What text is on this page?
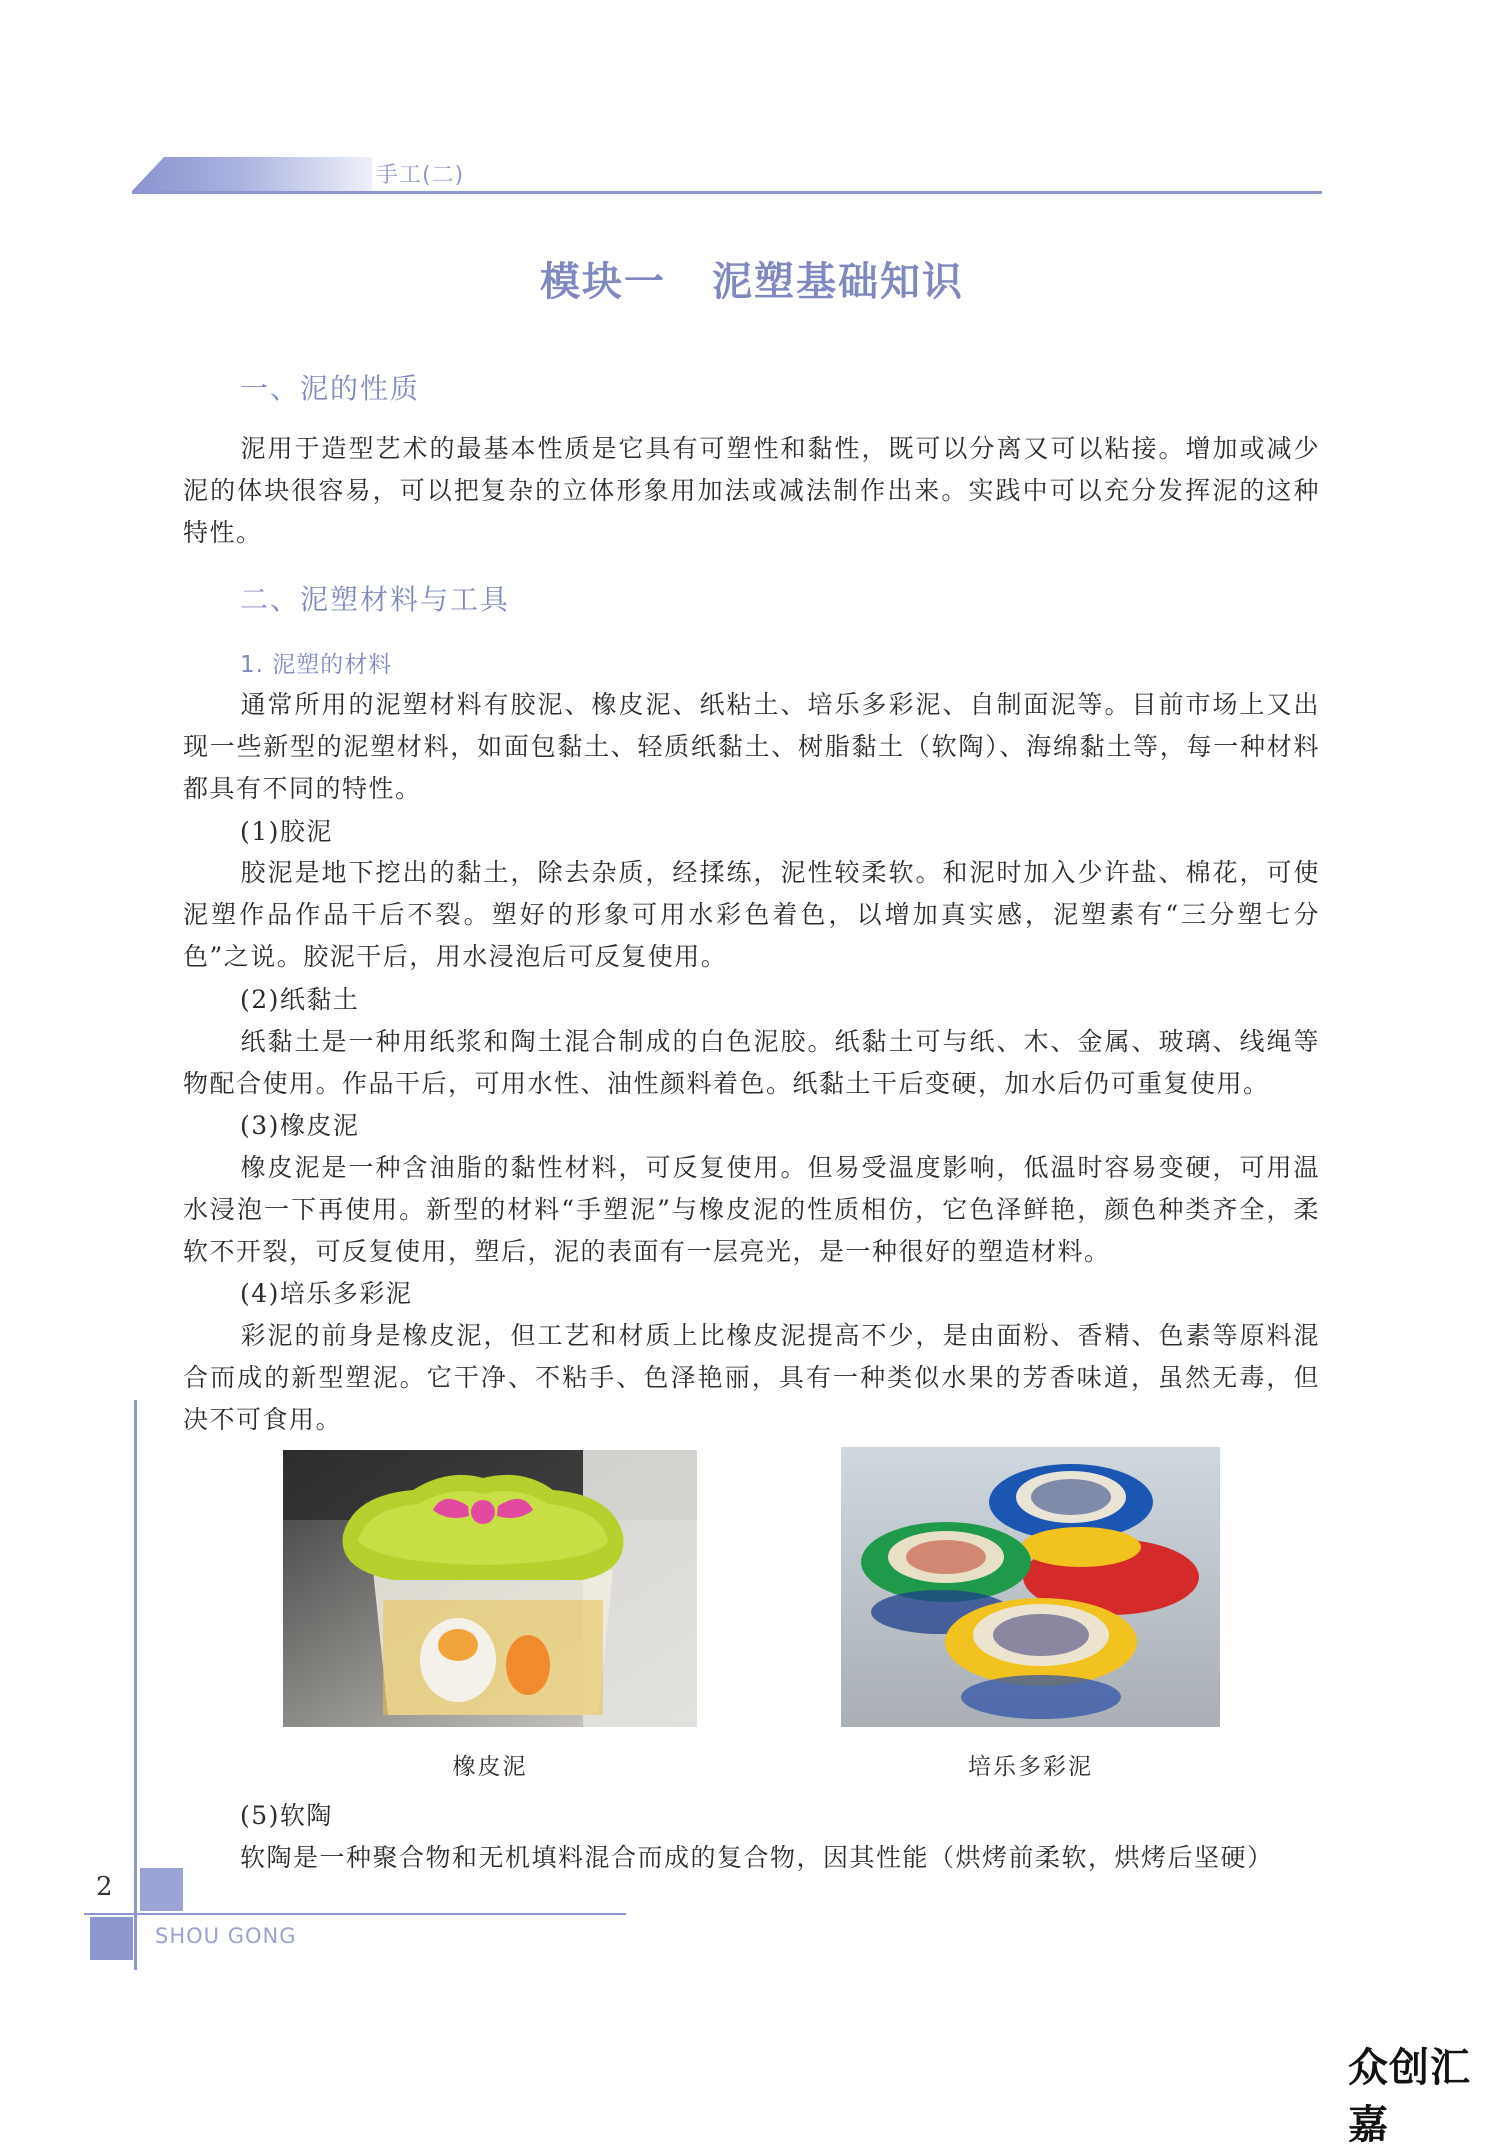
手工(二)
模块一 泥塑基础知识
一、泥的性质

泥用于造型艺术的最基本性质是它具有可塑性和黏性，既可以分离又可以粘接。增加或减少泥的体块很容易，可以把复杂的立体形象用加法或减法制作出来。实践中可以充分发挥泥的这种特性。

二、泥塑材料与工具
1. 泥塑的材料

通常所用的泥塑材料有胶泥、橡皮泥、纸粘土、培乐多彩泥、自制面泥等。目前市场上又出现一些新型的泥塑材料，如面包黏土、轻质纸黏土、树脂黏土（软陶）、海绵黏土等，每一种材料都具有不同的特性。

(1)胶泥

胶泥是地下挖出的黏土，除去杂质，经揉练，泥性较柔软。和泥时加入少许盐、棉花，可使泥塑作品作品干后不裂。塑好的形象可用水彩色着色，以增加真实感，泥塑素有“三分塑七分色”之说。胶泥干后，用水浸泡后可反复使用。

(2)纸黏土

纸黏土是一种用纸浆和陶土混合制成的白色泥胶。纸黏土可与纸、木、金属、玻璃、线绳等物配合使用。作品干后，可用水性、油性颜料着色。纸黏土干后变硬，加水后仍可重复使用。

(3)橡皮泥

橡皮泥是一种含油脂的黏性材料，可反复使用。但易受温度影响，低温时容易变硬，可用温水浸泡一下再使用。新型的材料“手塑泥”与橡皮泥的性质相仿，它色泽鲜艳，颜色种类齐全，柔软不开裂，可反复使用，塑后，泥的表面有一层亮光，是一种很好的塑造材料。

(4)培乐多彩泥

彩泥的前身是橡皮泥，但工艺和材质上比橡皮泥提高不少，是由面粉、香精、色素等原料混合而成的新型塑泥。它干净、不粘手、色泽艳丽，具有一种类似水果的芳香味道，虽然无毒，但决不可食用。

橡皮泥	培乐多彩泥
(5)软陶

软陶是一种聚合物和无机填料混合而成的复合物，因其性能（烘烤前柔软，烘烤后坚硬）

2
SHOU GONG
众创汇嘉
